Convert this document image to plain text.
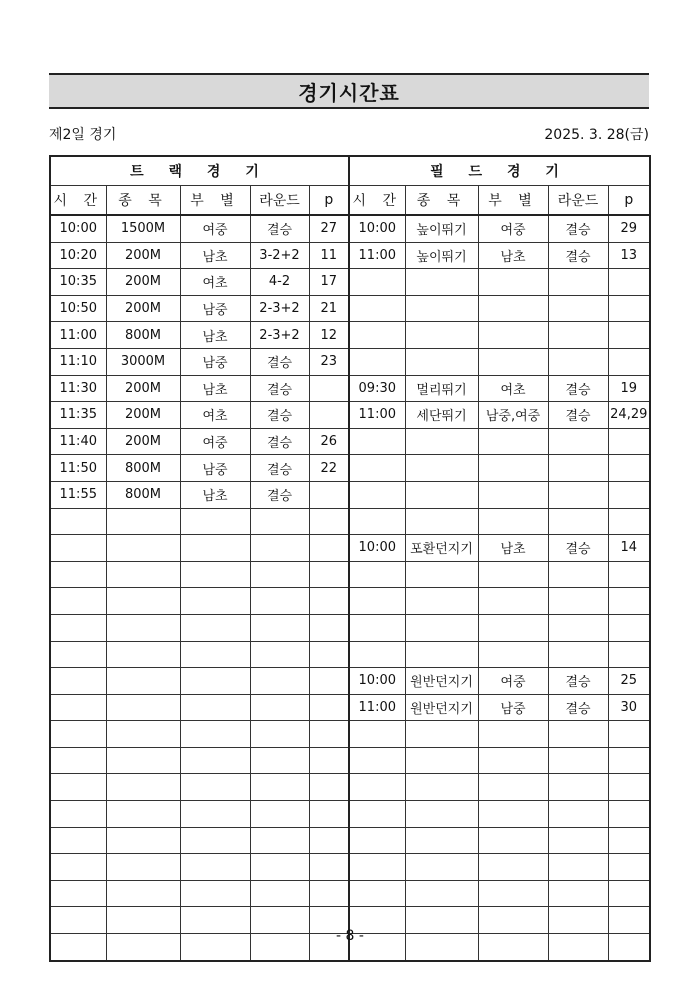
경기시간표
제2일 경기	2025. 3. 28(금)
트 랙 경 기					필 드 경 기				
시 간	종 목	부 별	라운드	p	시 간	종 목	부 별	라운드	p
10:00	1500M	여중	결승	27	10:00	높이뛰기	여중	결승	29
10:20	200M	남초	3-2+2	11	11:00	높이뛰기	남초	결승	13
10:35	200M	여초	4-2	17					
10:50	200M	남중	2-3+2	21					
11:00	800M	남초	2-3+2	12					
11:10	3000M	남중	결승	23					
11:30	200M	남초	결승		09:30	멀리뛰기	여초	결승	19
11:35	200M	여초	결승		11:00	세단뛰기	남중,여중	결승	24,29
11:40	200M	여중	결승	26					
11:50	800M	남중	결승	22					
11:55	800M	남초	결승						

					10:00	포환던지기	남초	결승	14

					10:00	원반던지기	여중	결승	25
					11:00	원반던지기	남중	결승	30

- 8 -
